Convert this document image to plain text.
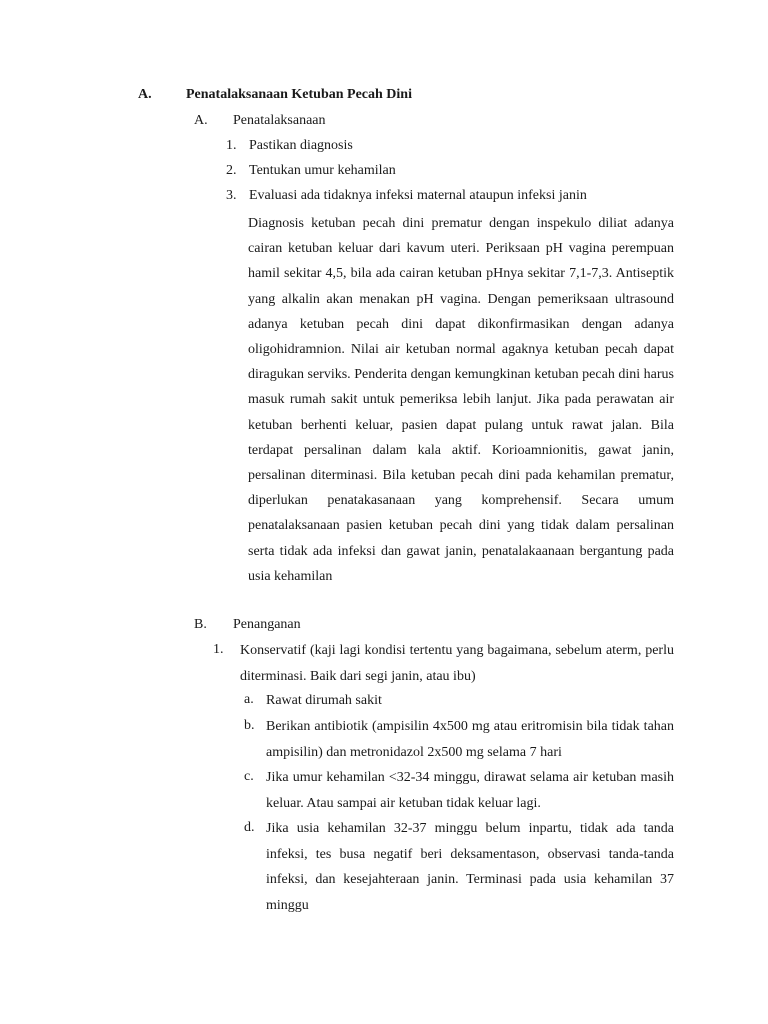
A. Penatalaksanaan Ketuban Pecah Dini
A. Penatalaksanaan
1. Pastikan diagnosis
2. Tentukan umur kehamilan
3. Evaluasi ada tidaknya infeksi maternal ataupun infeksi janin
Diagnosis ketuban pecah dini prematur dengan inspekulo diliat adanya cairan ketuban keluar dari kavum uteri. Periksaan pH vagina perempuan hamil sekitar 4,5, bila ada cairan ketuban pHnya sekitar 7,1-7,3. Antiseptik yang alkalin akan menakan pH vagina. Dengan pemeriksaan ultrasound adanya ketuban pecah dini dapat dikonfirmasikan dengan adanya oligohidramnion. Nilai air ketuban normal agaknya ketuban pecah dapat diragukan serviks. Penderita dengan kemungkinan ketuban pecah dini harus masuk rumah sakit untuk pemeriksa lebih lanjut. Jika pada perawatan air ketuban berhenti keluar, pasien dapat pulang untuk rawat jalan. Bila terdapat persalinan dalam kala aktif. Korioamnionitis, gawat janin, persalinan diterminasi. Bila ketuban pecah dini pada kehamilan prematur, diperlukan penatakasanaan yang komprehensif. Secara umum penatalaksanaan pasien ketuban pecah dini yang tidak dalam persalinan serta tidak ada infeksi dan gawat janin, penatalakaanaan bergantung pada usia kehamilan
B. Penanganan
1. Konservatif (kaji lagi kondisi tertentu yang bagaimana, sebelum aterm, perlu diterminasi. Baik dari segi janin, atau ibu)
a. Rawat dirumah sakit
b. Berikan antibiotik (ampisilin 4x500 mg atau eritromisin bila tidak tahan ampisilin) dan metronidazol 2x500 mg selama 7 hari
c. Jika umur kehamilan <32-34 minggu, dirawat selama air ketuban masih keluar. Atau sampai air ketuban tidak keluar lagi.
d. Jika usia kehamilan 32-37 minggu belum inpartu, tidak ada tanda infeksi, tes busa negatif beri deksamentason, observasi tanda-tanda infeksi, dan kesejahteraan janin. Terminasi pada usia kehamilan 37 minggu
